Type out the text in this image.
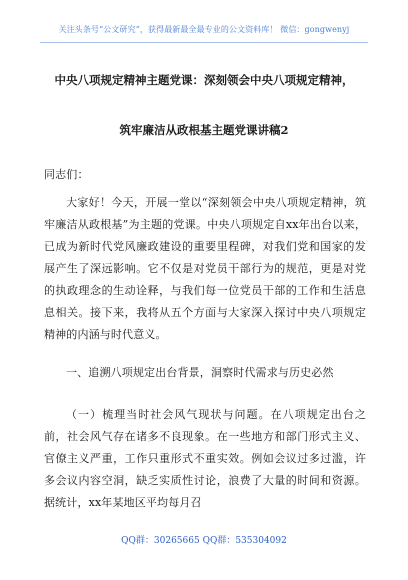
关注头条号“公文研究”，获得最新最全最专业的公文资料库！ 微信：gongwenyj
中央八项规定精神主题党课：深刻领会中央八项规定精神，
筑牢廉洁从政根基主题党课讲稿2
同志们：
大家好！今天，开展一堂以“深刻领会中央八项规定精神，筑牢廉洁从政根基”为主题的党课。中央八项规定自xx年出台以来，已成为新时代党风廉政建设的重要里程碑，对我们党和国家的发展产生了深远影响。它不仅是对党员干部行为的规范，更是对党的执政理念的生动诠释，与我们每一位党员干部的工作和生活息息相关。接下来，我将从五个方面与大家深入探讨中央八项规定精神的内涵与时代意义。
一、追溯八项规定出台背景，洞察时代需求与历史必然
（一）梳理当时社会风气现状与问题。在八项规定出台之前，社会风气存在诸多不良现象。在一些地方和部门形式主义、官僚主义严重，工作只重形式不重实效。例如会议过多过滥，许多会议内容空洞，缺乏实质性讨论，浪费了大量的时间和资源。据统计，xx年某地区平均每月召
QQ群：30265665 QQ群：535304092
